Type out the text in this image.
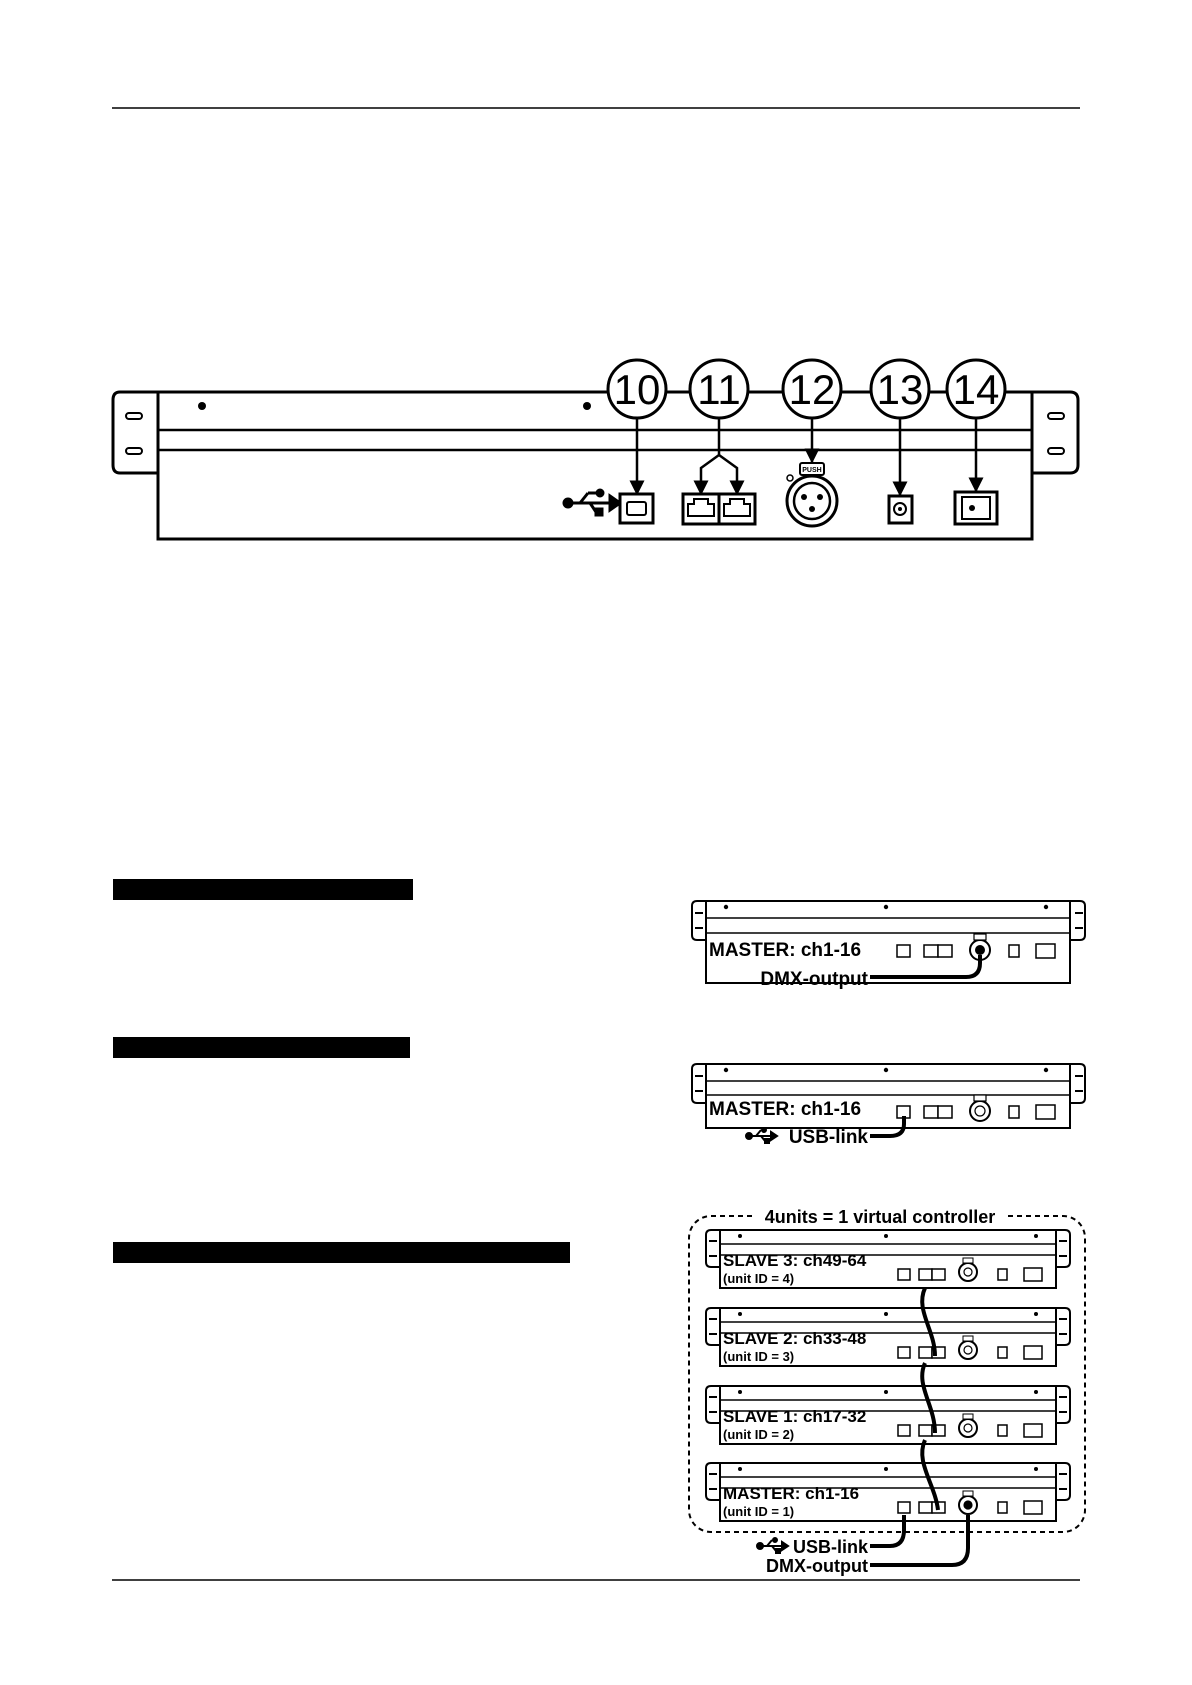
PUSH
10 11 12 13 14
MASTER: ch1-16
DMX-output
MASTER: ch1-16
USB-link
4units = 1 virtual controller
SLAVE 3: ch49-64
(unit ID = 4)
SLAVE 2: ch33-48
(unit ID = 3)
SLAVE 1: ch17-32
(unit ID = 2)
MASTER: ch1-16
(unit ID = 1)
USB-link
DMX-output
